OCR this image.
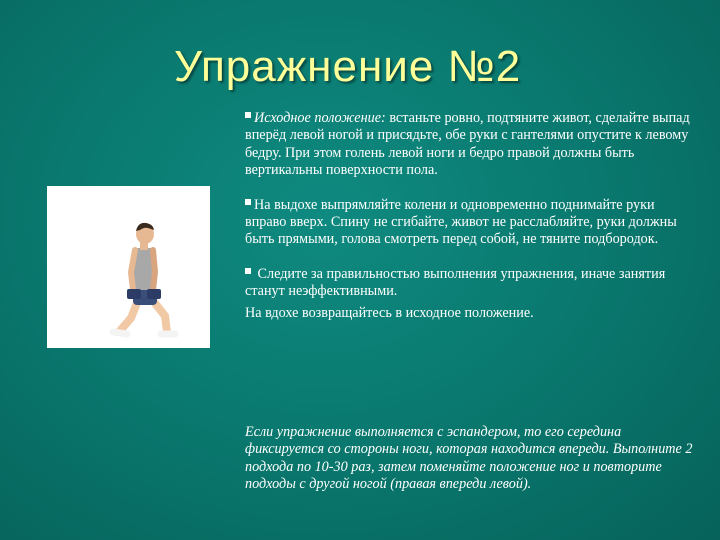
Упражнение №2

Исходное положение: встаньте ровно, подтяните живот, сделайте выпад вперёд левой ногой и присядьте, обе руки с гантелями опустите к левому бедру. При этом голень левой ноги и бедро правой должны быть вертикальны поверхности пола.

На выдохе выпрямляйте колени и одновременно поднимайте руки вправо вверх. Спину не сгибайте, живот не расслабляйте, руки должны быть прямыми, голова смотреть перед собой, не тяните подбородок.

Следите за правильностью выполнения упражнения, иначе занятия станут неэффективными.

На вдохе возвращайтесь в исходное положение.

Если упражнение выполняется с эспандером, то его середина фиксируется со стороны ноги, которая находится впереди. Выполните 2 подхода по 10-30 раз, затем поменяйте положение ног и повторите подходы с другой ногой (правая впереди левой).
